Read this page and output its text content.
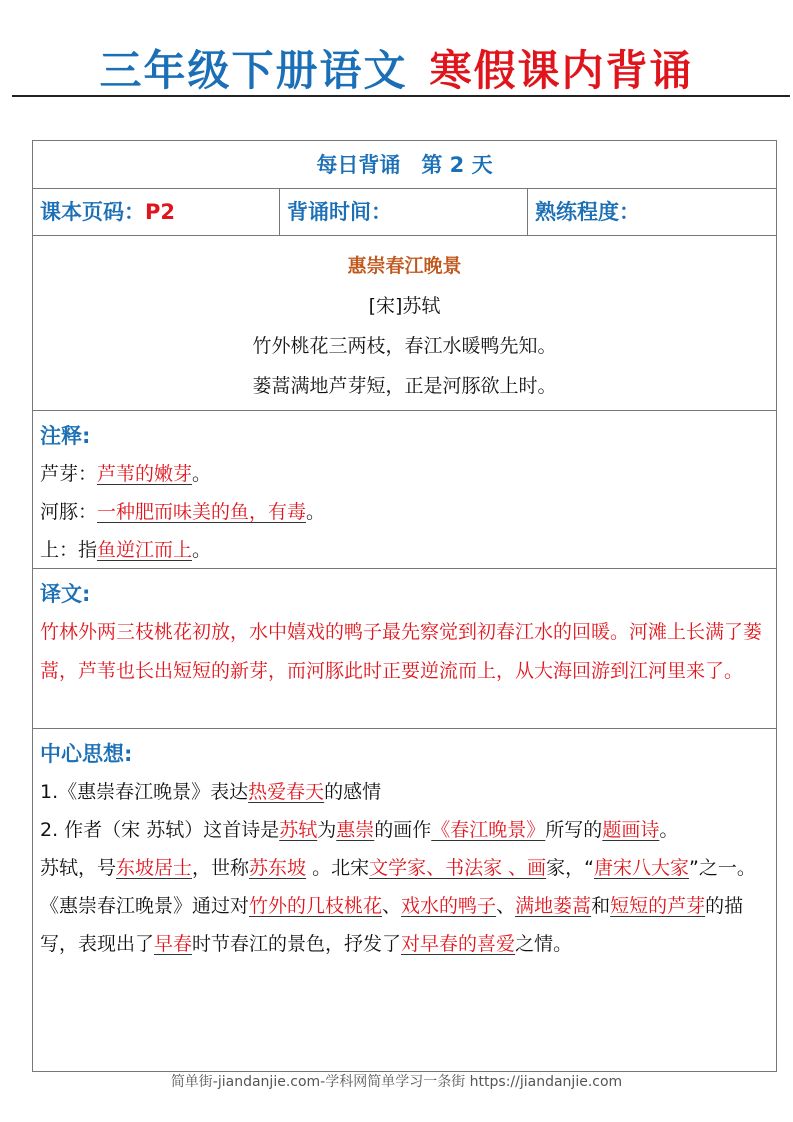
三年级下册语文 寒假课内背诵
每日背诵　第 2 天
课本页码：P2	背诵时间：	熟练程度：
惠崇春江晚景
[宋]苏轼
竹外桃花三两枝，春江水暖鸭先知。
蒌蒿满地芦芽短，正是河豚欲上时。
注释:

芦芽：芦苇的嫩芽。

河豚：一种肥而味美的鱼，有毒。

上：指鱼逆江而上。

译文:

竹林外两三枝桃花初放，水中嬉戏的鸭子最先察觉到初春江水的回暖。河滩上长满了蒌蒿，芦苇也长出短短的新芽，而河豚此时正要逆流而上，从大海回游到江河里来了。

中心思想:

1.《惠崇春江晚景》表达热爱春天的感情

2. 作者（宋 苏轼）这首诗是苏轼为惠崇的画作《春江晚景》所写的题画诗。

苏轼，号东坡居士，世称苏东坡 。北宋文学家、书法家 、画家，“唐宋八大家”之一。

《惠崇春江晚景》通过对竹外的几枝桃花、戏水的鸭子、满地蒌蒿和短短的芦芽的描写，表现出了早春时节春江的景色，抒发了对早春的喜爱之情。

简单街-jiandanjie.com-学科网简单学习一条街 https://jiandanjie.com
